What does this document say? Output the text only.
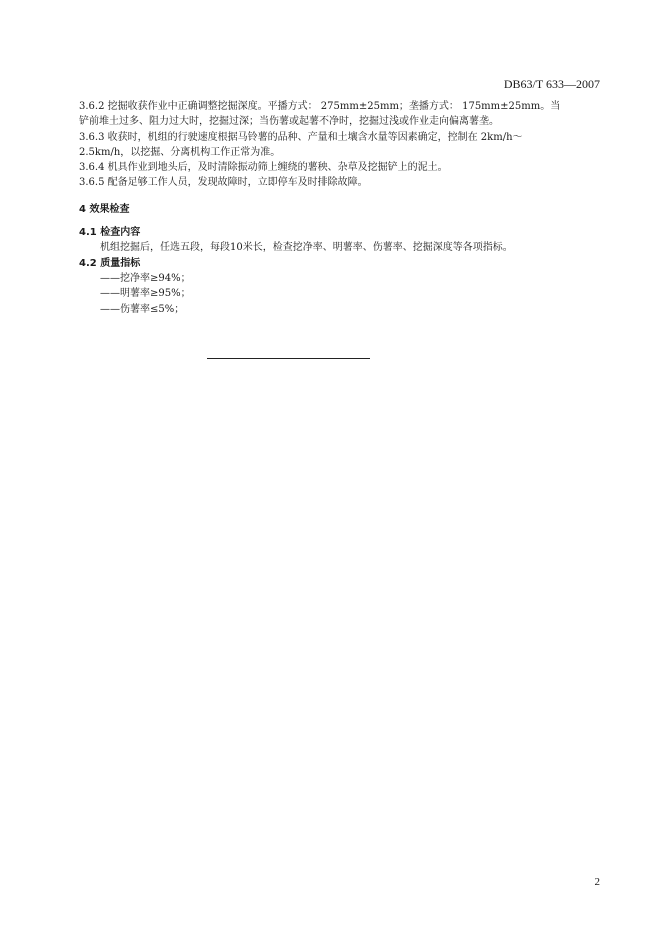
DB63/T 633—2007
3.6.2 挖掘收获作业中正确调整挖掘深度。平播方式： 275mm±25mm；垄播方式： 175mm±25mm。当
铲前堆土过多、阻力过大时，挖掘过深；当伤薯或起薯不净时，挖掘过浅或作业走向偏离薯垄。
3.6.3 收获时，机组的行驶速度根据马铃薯的品种、产量和土壤含水量等因素确定，控制在 2km/h～
2.5km/h，以挖掘、分离机构工作正常为准。
3.6.4 机具作业到地头后，及时清除振动筛上缠绕的薯秧、杂草及挖掘铲上的泥土。
3.6.5 配备足够工作人员，发现故障时，立即停车及时排除故障。
4 效果检查
4.1 检查内容
机组挖掘后，任选五段，每段10米长，检查挖净率、明薯率、伤薯率、挖掘深度等各项指标。
4.2 质量指标
——挖净率≥94%；
——明薯率≥95%；
——伤薯率≤5%；
2
